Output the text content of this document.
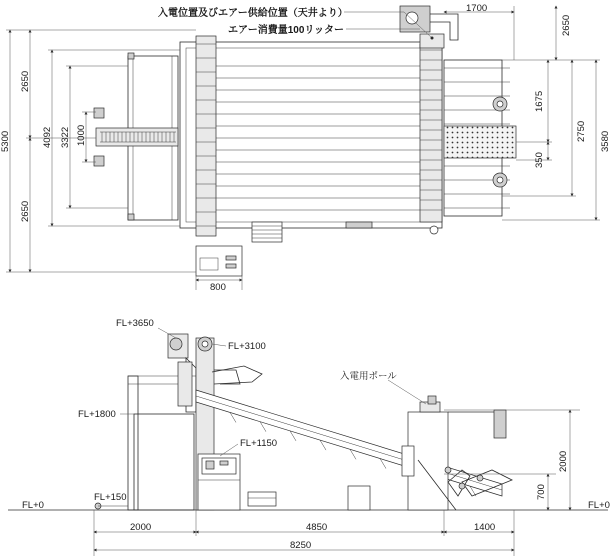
入電位置及びエアー供給位置（天井より）
エアー消費量100リッター
1700
2650
1675
2750 3580
350
5300
2650
2650
4092 3322 1000
800
FL+3650
FL+3100
FL+1800
FL+1150
FL+150
FL+0	FL+0
入電用ポール
2000	4850	1400
8250
2000
700
